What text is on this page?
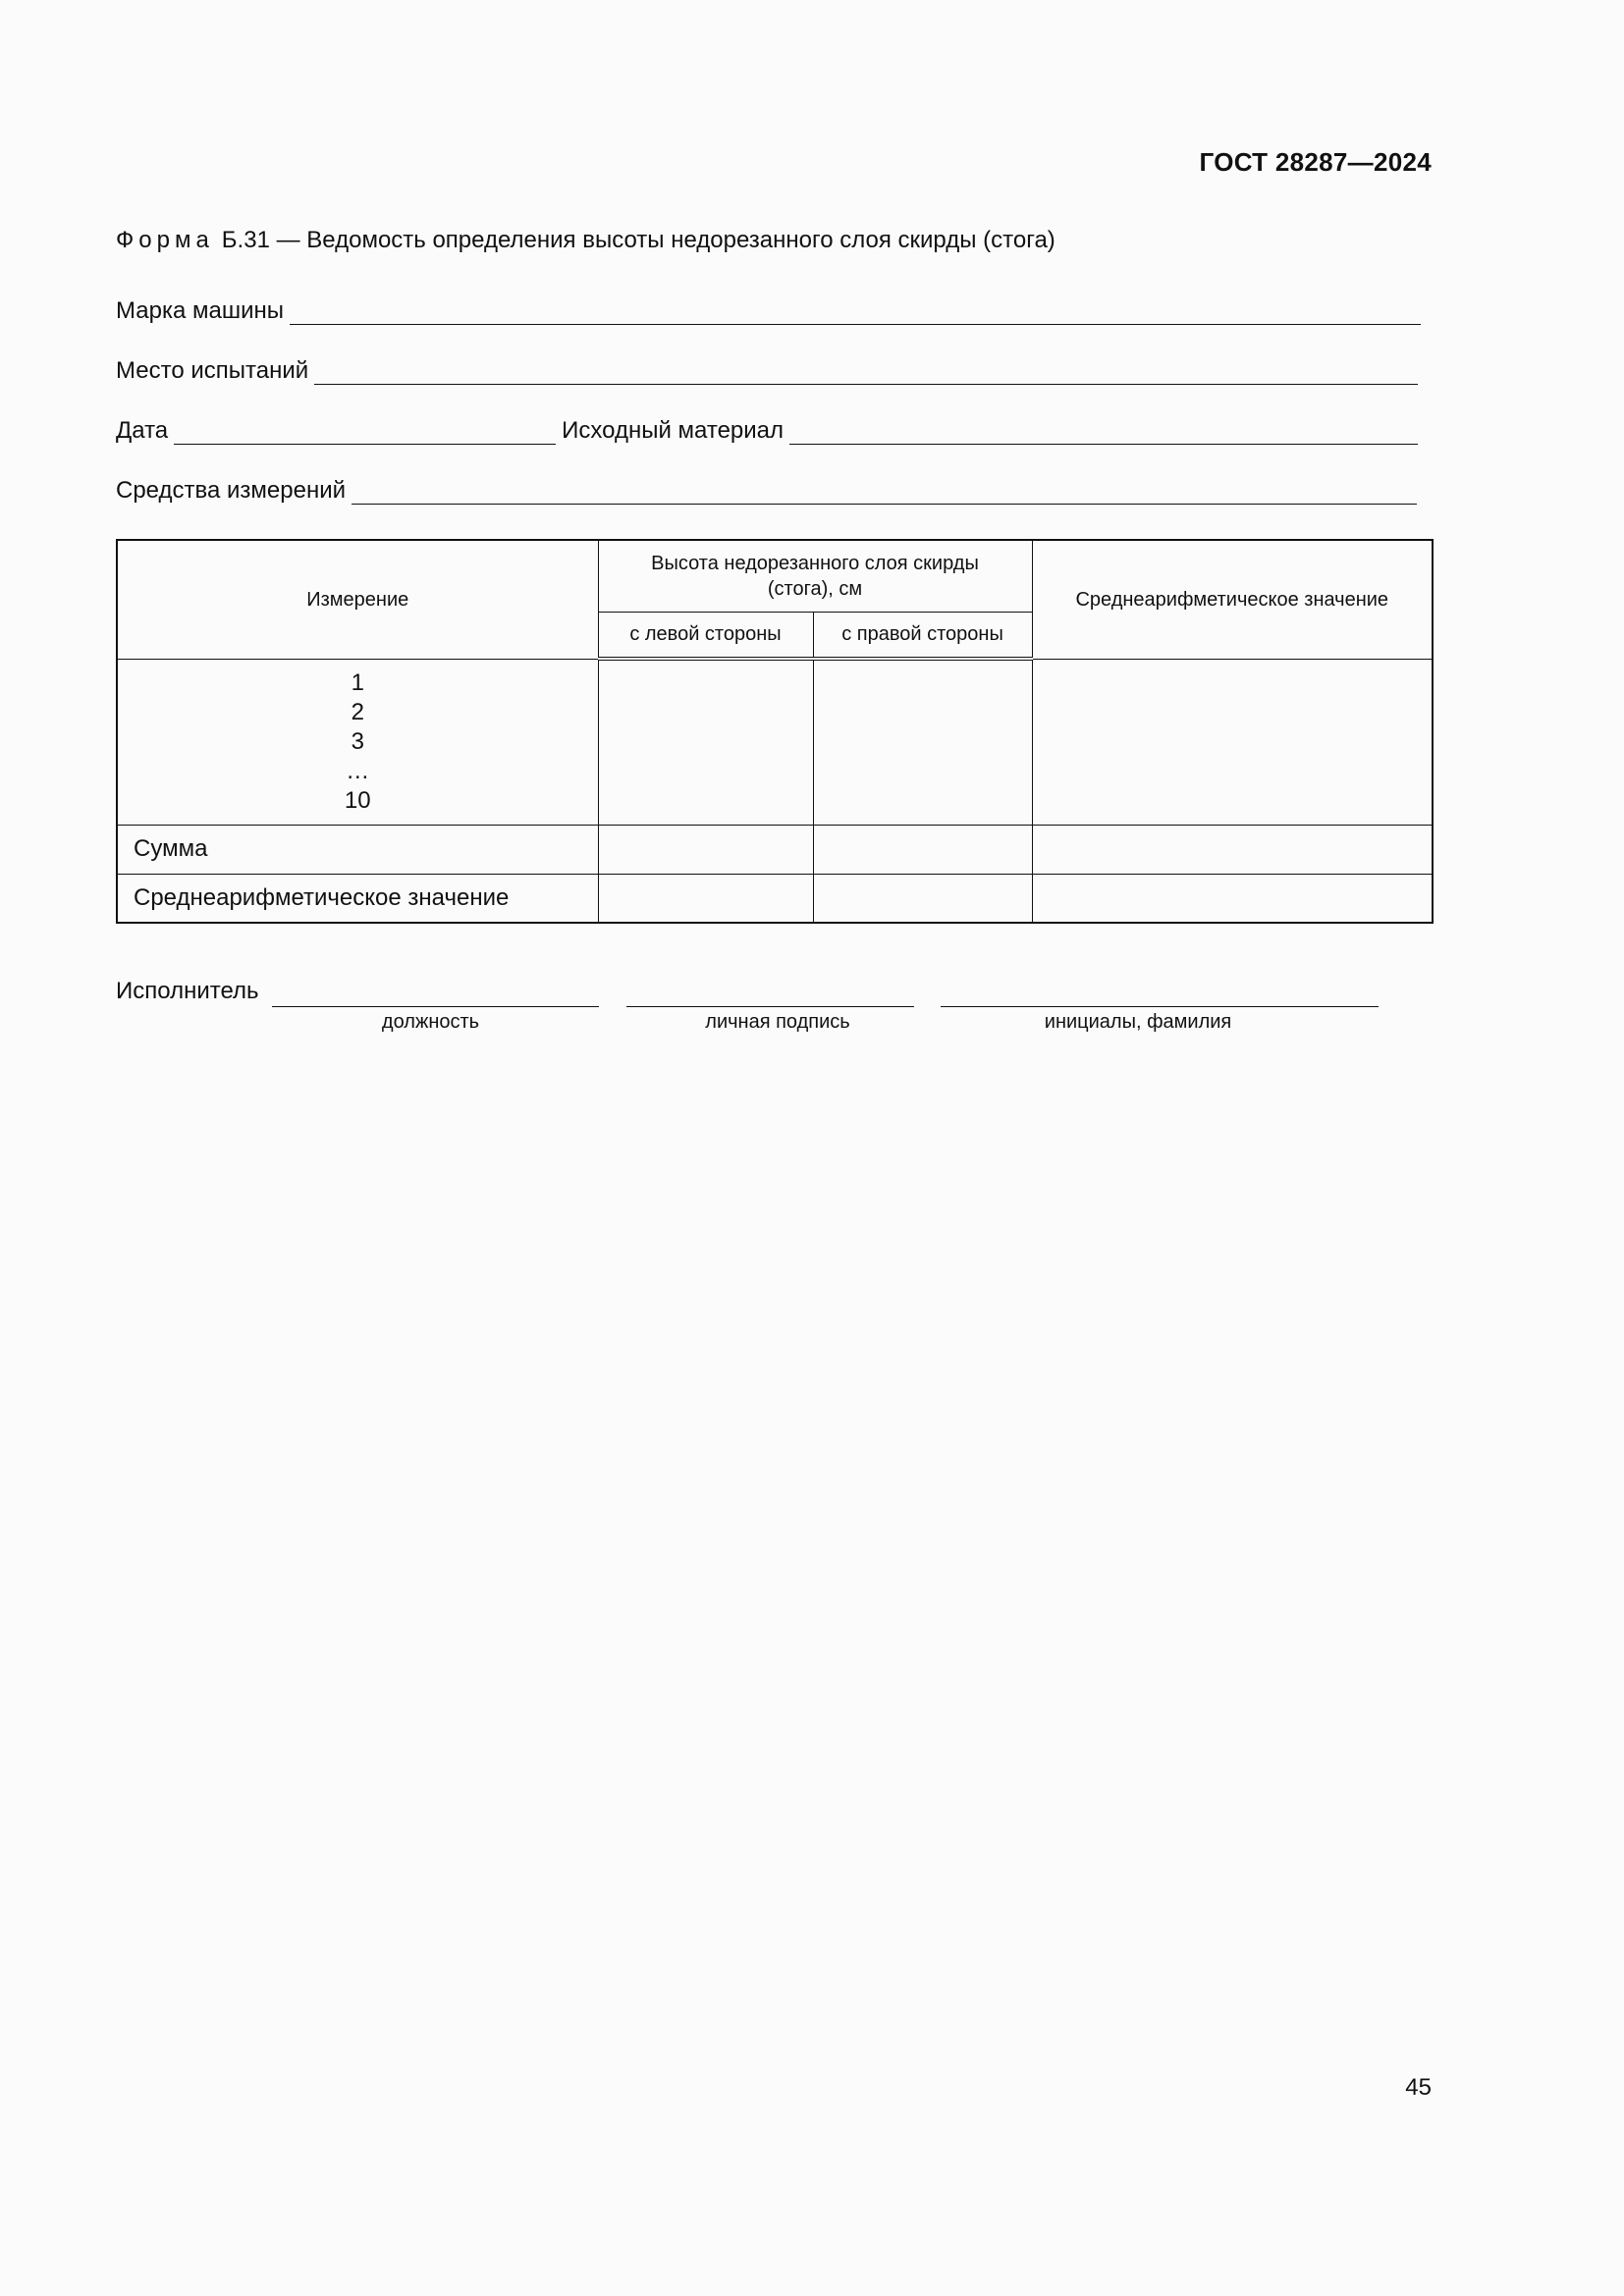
ГОСТ 28287—2024
Форма Б.31 — Ведомость определения высоты недорезанного слоя скирды (стога)
Марка машины
Место испытаний
Дата	Исходный материал
Средства измерений
Измерение	Высота недорезанного слоя скирды (стога), см		Среднеарифметическое значение
	с левой стороны	с правой стороны	

1
2
3
…
10			

Сумма			
Среднеарифметическое значение			
Исполнитель
должность	личная подпись	инициалы, фамилия
45
